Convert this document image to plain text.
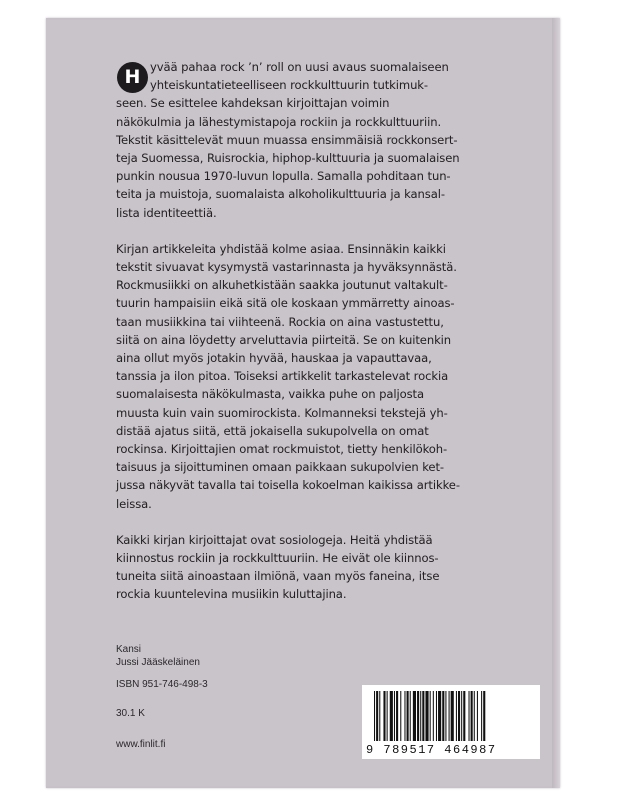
H yvää pahaa rock ’n’ roll on uusi avaus suomalaiseen
yhteiskuntatieteelliseen rockkulttuurin tutkimuk-
seen. Se esittelee kahdeksan kirjoittajan voimin
näkökulmia ja lähestymistapoja rockiin ja rockkulttuuriin.
Tekstit käsittelevät muun muassa ensimmäisiä rockkonsert-
teja Suomessa, Ruisrockia, hiphop-kulttuuria ja suomalaisen
punkin nousua 1970-luvun lopulla. Samalla pohditaan tun-
teita ja muistoja, suomalaista alkoholikulttuuria ja kansal-
lista identiteettiä.

Kirjan artikkeleita yhdistää kolme asiaa. Ensinnäkin kaikki
tekstit sivuavat kysymystä vastarinnasta ja hyväksynnästä.
Rockmusiikki on alkuhetkistään saakka joutunut valtakult-
tuurin hampaisiin eikä sitä ole koskaan ymmärretty ainoas-
taan musiikkina tai viihteenä. Rockia on aina vastustettu,
siitä on aina löydetty arveluttavia piirteitä. Se on kuitenkin
aina ollut myös jotakin hyvää, hauskaa ja vapauttavaa,
tanssia ja ilon pitoa. Toiseksi artikkelit tarkastelevat rockia
suomalaisesta näkökulmasta, vaikka puhe on paljosta
muusta kuin vain suomirockista. Kolmanneksi tekstejä yh-
distää ajatus siitä, että jokaisella sukupolvella on omat
rockinsa. Kirjoittajien omat rockmuistot, tietty henkilökoh-
taisuus ja sijoittuminen omaan paikkaan sukupolvien ket-
jussa näkyvät tavalla tai toisella kokoelman kaikissa artikke-
leissa.

Kaikki kirjan kirjoittajat ovat sosiologeja. Heitä yhdistää
kiinnostus rockiin ja rockkulttuuriin. He eivät ole kiinnos-
tuneita siitä ainoastaan ilmiönä, vaan myös faneina, itse
rockia kuuntelevina musiikin kuluttajina.

Kansi
Jussi Jääskeläinen
ISBN 951-746-498-3
30.1 K
www.finlit.fi	9 789517 464987
